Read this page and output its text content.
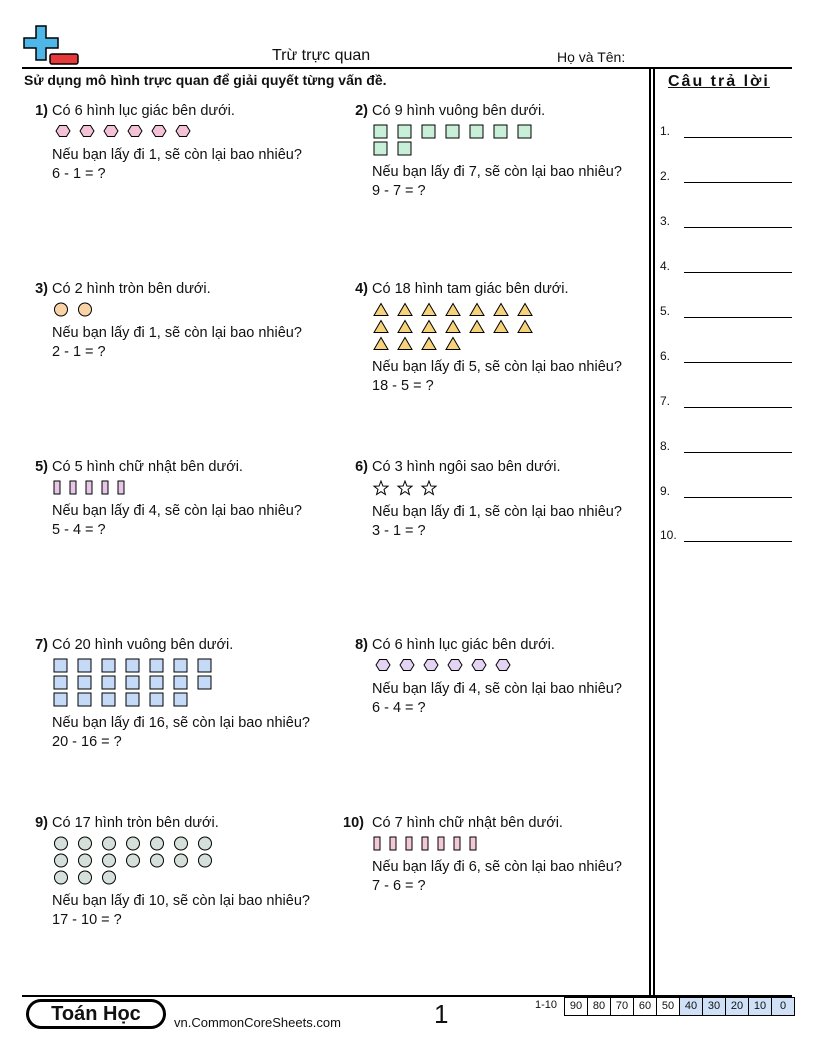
Trừ trực quan	Họ và Tên:
Sử dụng mô hình trực quan để giải quyết từng vấn đề.	Câu trả lời
1.
2.
3.
4.
5.
6.
7.
8.
9.
10.
1) Có 6 hình lục giác bên dưới.
Nếu bạn lấy đi 1, sẽ còn lại bao nhiêu?
6 - 1 = ?
2) Có 9 hình vuông bên dưới.
Nếu bạn lấy đi 7, sẽ còn lại bao nhiêu?
9 - 7 = ?
3) Có 2 hình tròn bên dưới.
Nếu bạn lấy đi 1, sẽ còn lại bao nhiêu?
2 - 1 = ?
4) Có 18 hình tam giác bên dưới.
Nếu bạn lấy đi 5, sẽ còn lại bao nhiêu?
18 - 5 = ?
5) Có 5 hình chữ nhật bên dưới.
Nếu bạn lấy đi 4, sẽ còn lại bao nhiêu?
5 - 4 = ?
6) Có 3 hình ngôi sao bên dưới.
Nếu bạn lấy đi 1, sẽ còn lại bao nhiêu?
3 - 1 = ?
7) Có 20 hình vuông bên dưới.
Nếu bạn lấy đi 16, sẽ còn lại bao nhiêu?
20 - 16 = ?
8) Có 6 hình lục giác bên dưới.
Nếu bạn lấy đi 4, sẽ còn lại bao nhiêu?
6 - 4 = ?
9) Có 17 hình tròn bên dưới.
Nếu bạn lấy đi 10, sẽ còn lại bao nhiêu?
17 - 10 = ?
10) Có 7 hình chữ nhật bên dưới.
Nếu bạn lấy đi 6, sẽ còn lại bao nhiêu?
7 - 6 = ?
Toán Học	vn.CommonCoreSheets.com	1	1-10	90 80 70 60 50 40 30 20 10	0
